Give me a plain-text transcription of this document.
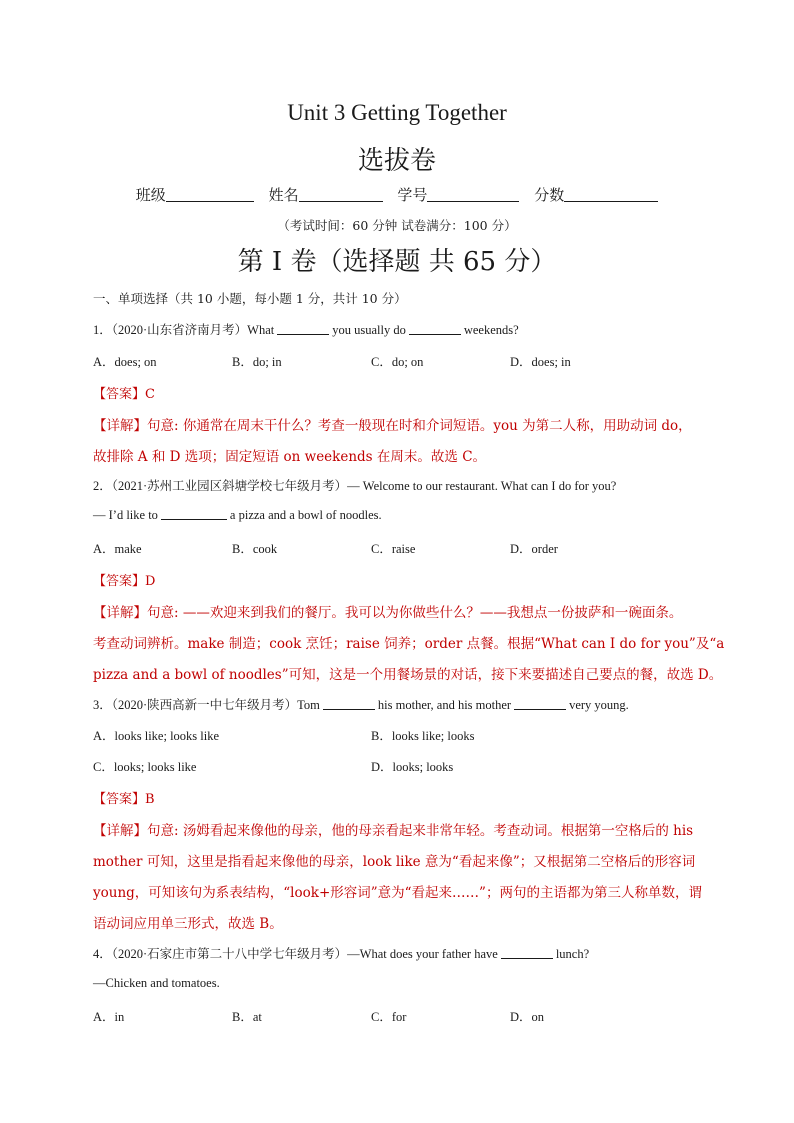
Unit 3 Getting Together
选拔卷
班级	姓名	学号	分数
（考试时间：60 分钟 试卷满分：100 分）
第 I 卷（选择题 共 65 分）
一、单项选择（共 10 小题，每小题 1 分，共计 10 分）
1．（2020·山东省济南月考）What	you usually do	weekends?
A．does; on	B．do; in	C．do; on	D．does; in
【答案】C
【详解】句意: 你通常在周末干什么？考查一般现在时和介词短语。you 为第二人称，用助动词 do，
故排除 A 和 D 选项；固定短语 on weekends 在周末。故选 C。
2．（2021·苏州工业园区斜塘学校七年级月考）— Welcome to our restaurant. What can I do for you?
— I’d like to	a pizza and a bowl of noodles.
A．make	B．cook	C．raise	D．order
【答案】D
【详解】句意: ——欢迎来到我们的餐厅。我可以为你做些什么？——我想点一份披萨和一碗面条。
考查动词辨析。make 制造；cook 烹饪；raise 饲养；order 点餐。根据“What can I do for you”及“a
pizza and a bowl of noodles”可知，这是一个用餐场景的对话，接下来要描述自己要点的餐，故选 D。
3．（2020·陕西高新一中七年级月考）Tom	his mother, and his mother	very young.
A．looks like; looks like	B．looks like; looks
C．looks; looks like	D．looks; looks
【答案】B
【详解】句意: 汤姆看起来像他的母亲，他的母亲看起来非常年轻。考查动词。根据第一空格后的 his
mother 可知，这里是指看起来像他的母亲，look like 意为“看起来像”；又根据第二空格后的形容词
young，可知该句为系表结构，“look+形容词”意为“看起来……”；两句的主语都为第三人称单数，谓
语动词应用单三形式，故选 B。
4．（2020·石家庄市第二十八中学七年级月考）—What does your father have	lunch?
—Chicken and tomatoes.
A．in	B．at	C．for	D．on
